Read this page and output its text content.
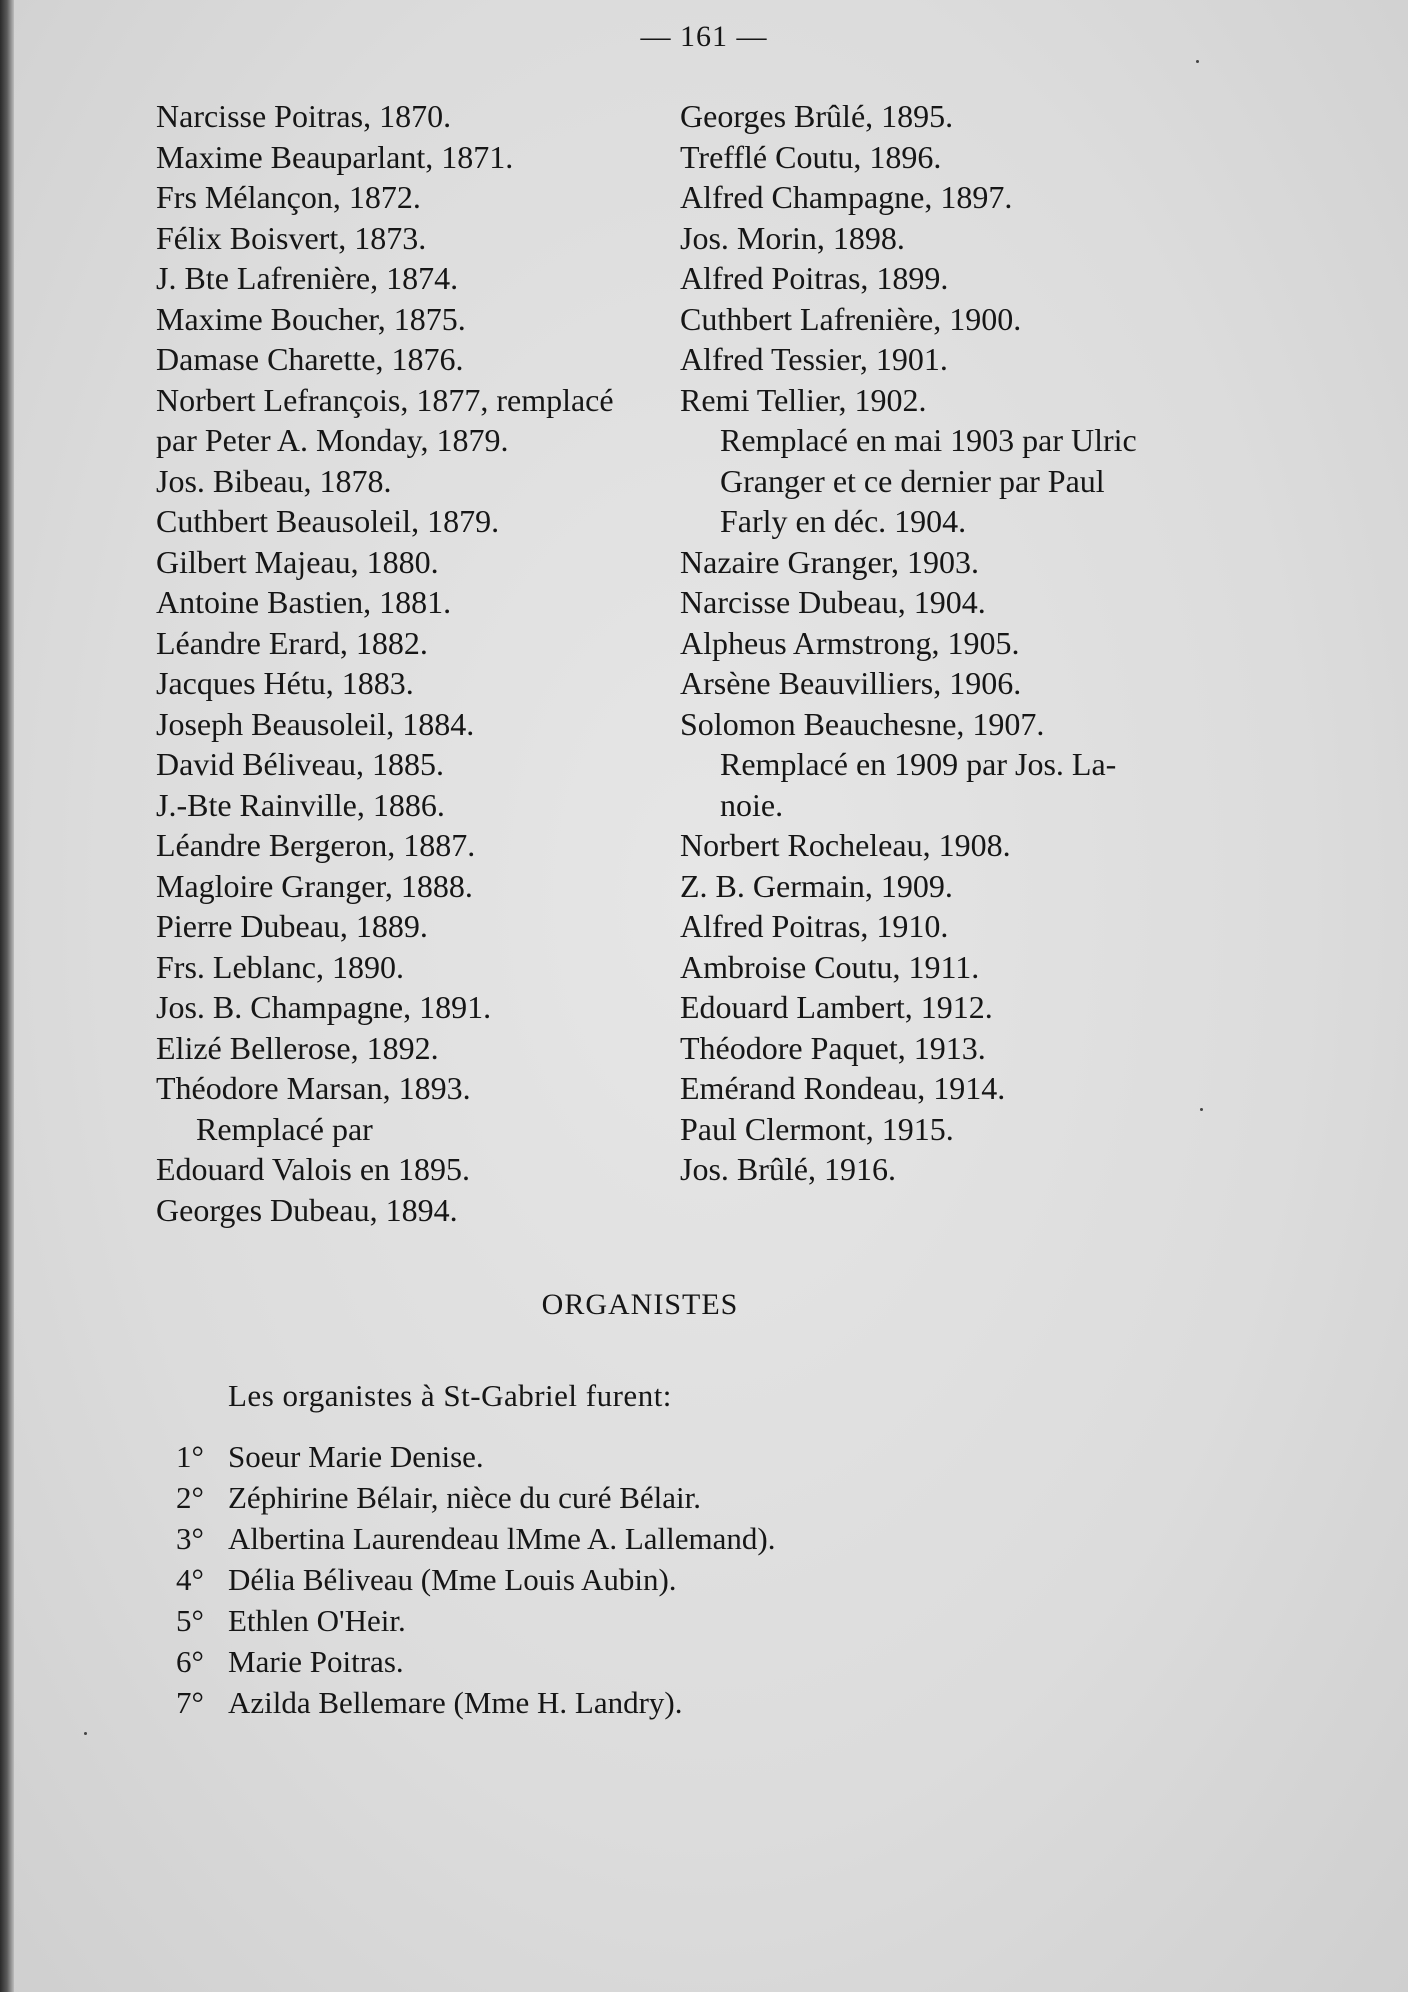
— 161 —
Narcisse Poitras, 1870.
Maxime Beauparlant, 1871.
Frs Mélançon, 1872.
Félix Boisvert, 1873.
J. Bte Lafrenière, 1874.
Maxime Boucher, 1875.
Damase Charette, 1876.
Norbert Lefrançois, 1877, remplacé
par Peter A. Monday, 1879.
Jos. Bibeau, 1878.
Cuthbert Beausoleil, 1879.
Gilbert Majeau, 1880.
Antoine Bastien, 1881.
Léandre Erard, 1882.
Jacques Hétu, 1883.
Joseph Beausoleil, 1884.
David Béliveau, 1885.
J.-Bte Rainville, 1886.
Léandre Bergeron, 1887.
Magloire Granger, 1888.
Pierre Dubeau, 1889.
Frs. Leblanc, 1890.
Jos. B. Champagne, 1891.
Elizé Bellerose, 1892.
Théodore Marsan, 1893.
Remplacé par
Edouard Valois en 1895.
Georges Dubeau, 1894.
Georges Brûlé, 1895.
Trefflé Coutu, 1896.
Alfred Champagne, 1897.
Jos. Morin, 1898.
Alfred Poitras, 1899.
Cuthbert Lafrenière, 1900.
Alfred Tessier, 1901.
Remi Tellier, 1902.
Remplacé en mai 1903 par Ulric
Granger et ce dernier par Paul
Farly en déc. 1904.
Nazaire Granger, 1903.
Narcisse Dubeau, 1904.
Alpheus Armstrong, 1905.
Arsène Beauvilliers, 1906.
Solomon Beauchesne, 1907.
Remplacé en 1909 par Jos. La-
noie.
Norbert Rocheleau, 1908.
Z. B. Germain, 1909.
Alfred Poitras, 1910.
Ambroise Coutu, 1911.
Edouard Lambert, 1912.
Théodore Paquet, 1913.
Emérand Rondeau, 1914.
Paul Clermont, 1915.
Jos. Brûlé, 1916.
ORGANISTES
Les organistes à St-Gabriel furent:
1° Soeur Marie Denise.
2° Zéphirine Bélair, nièce du curé Bélair.
3° Albertina Laurendeau lMme A. Lallemand).
4° Délia Béliveau (Mme Louis Aubin).
5° Ethlen O'Heir.
6° Marie Poitras.
7° Azilda Bellemare (Mme H. Landry).
